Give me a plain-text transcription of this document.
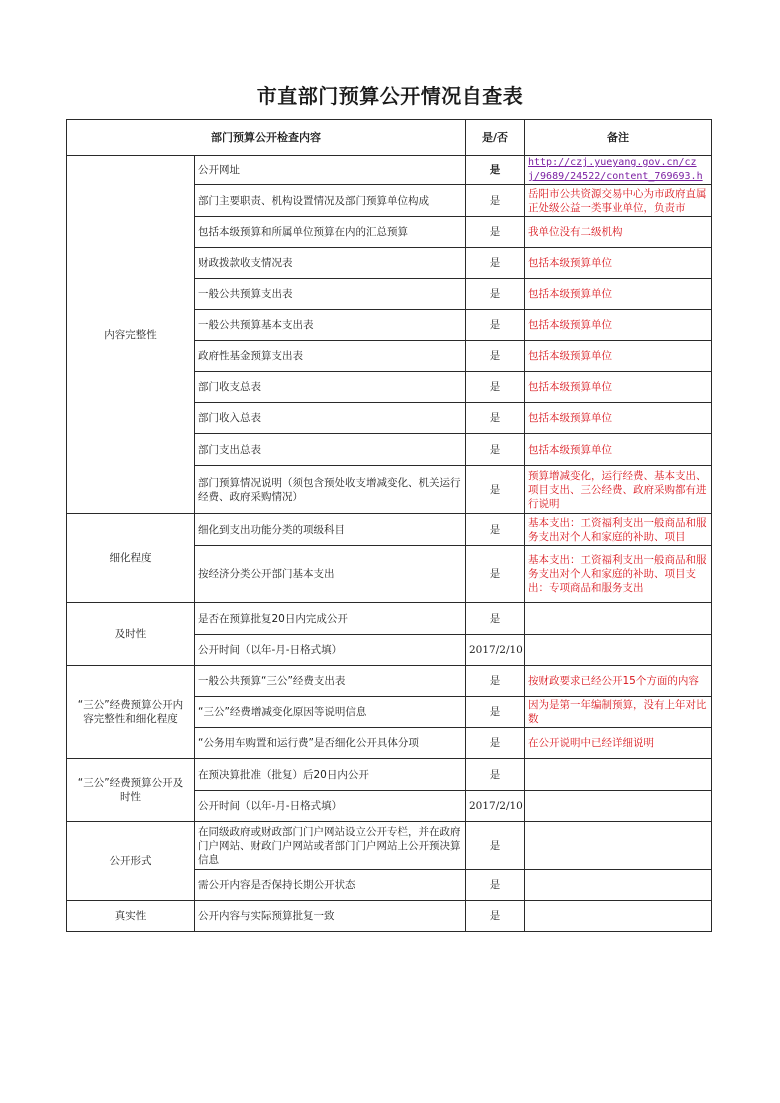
市直部门预算公开情况自查表
部门预算公开检查内容		是/否	备注
内容完整性	公开网址	是	http://czj.yueyang.gov.cn/czj/9689/24522/content_769693.h

	部门主要职责、机构设置情况及部门预算单位构成	是	岳阳市公共资源交易中心为市政府直属正处级公益一类事业单位，负责市

	包括本级预算和所属单位预算在内的汇总预算	是	我单位没有二级机构
	财政拨款收支情况表	是	包括本级预算单位
	一般公共预算支出表	是	包括本级预算单位
	一般公共预算基本支出表	是	包括本级预算单位
	政府性基金预算支出表	是	包括本级预算单位
	部门收支总表	是	包括本级预算单位
	部门收入总表	是	包括本级预算单位
	部门支出总表	是	包括本级预算单位
	部门预算情况说明（须包含预处收支增减变化、机关运行经费、政府采购情况）	是	预算增减变化，运行经费、基本支出、项目支出、三公经费、政府采购都有进行说明
细化程度	细化到支出功能分类的项级科目	是	基本支出：工资福利支出一般商品和服务支出对个人和家庭的补助、项目

	按经济分类公开部门基本支出	是	基本支出：工资福利支出一般商品和服务支出对个人和家庭的补助、项目支出：专项商品和服务支出
及时性	是否在预算批复20日内完成公开	是	
	公开时间（以年-月-日格式填）	2017/2/10	
“三公”经费预算公开内容完整性和细化程度	一般公共预算“三公”经费支出表	是	按财政要求已经公开15个方面的内容
	“三公”经费增减变化原因等说明信息	是	因为是第一年编制预算，没有上年对比数
	“公务用车购置和运行费”是否细化公开具体分项	是	在公开说明中已经详细说明
“三公”经费预算公开及时性	在预决算批准（批复）后20日内公开	是	
	公开时间（以年-月-日格式填）	2017/2/10	
公开形式	在同级政府或财政部门门户网站设立公开专栏，并在政府门户网站、财政门户网站或者部门门户网站上公开预决算信息	是	
	需公开内容是否保持长期公开状态	是	
真实性	公开内容与实际预算批复一致	是	
